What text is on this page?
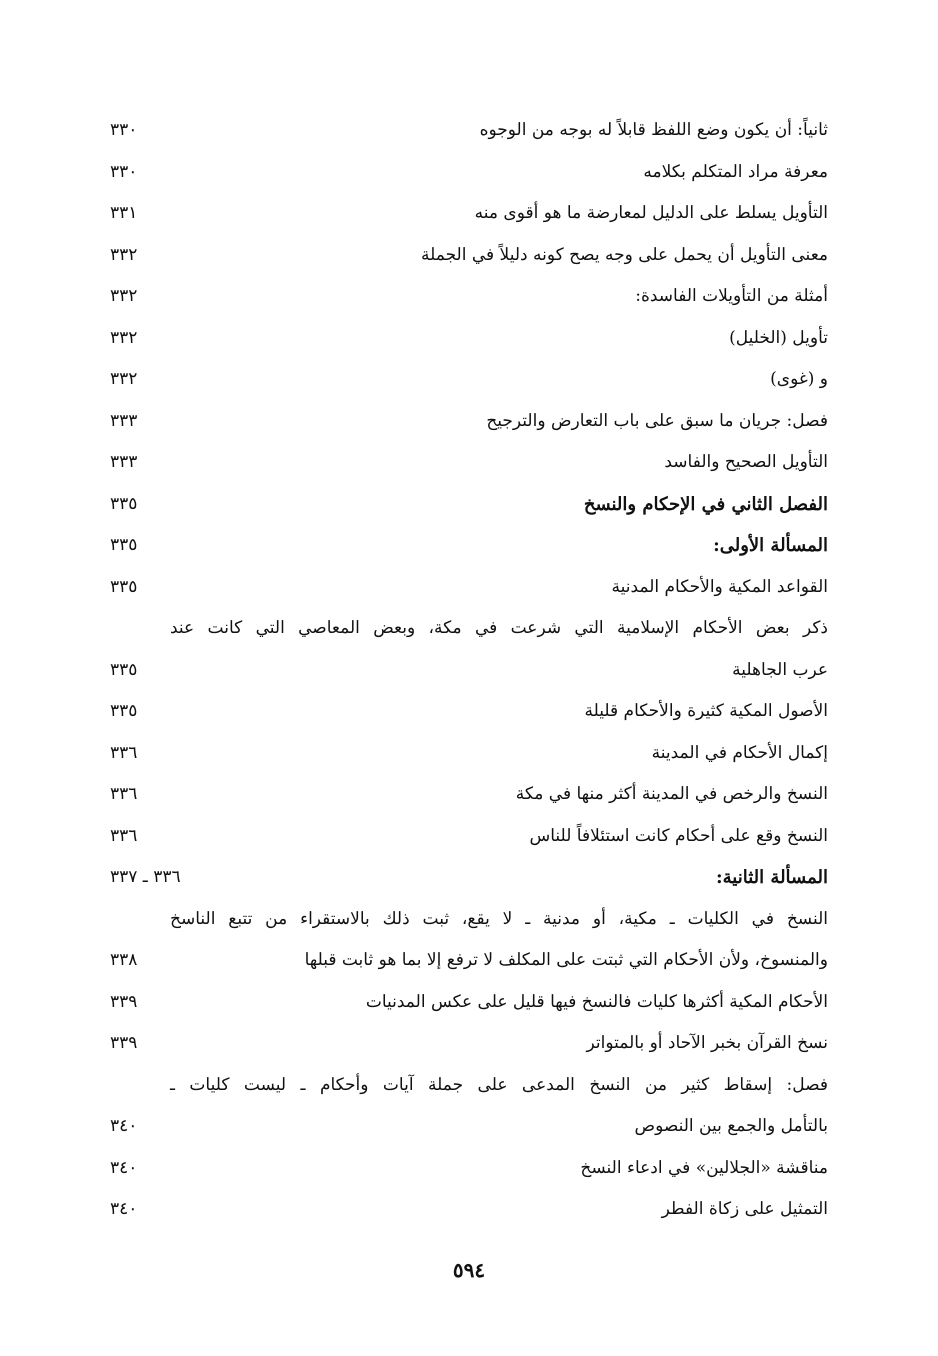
ثانياً: أن يكون وضع اللفظ قابلاً له بوجه من الوجوه
٣٣٠
معرفة مراد المتكلم بكلامه
٣٣٠
التأويل يسلط على الدليل لمعارضة ما هو أقوى منه
٣٣١
معنى التأويل أن يحمل على وجه يصح كونه دليلاً في الجملة
٣٣٢
أمثلة من التأويلات الفاسدة:
٣٣٢
تأويل (الخليل)
٣٣٢
و (غوى)
٣٣٢
فصل: جريان ما سبق على باب التعارض والترجيح
٣٣٣
التأويل الصحيح والفاسد
٣٣٣
الفصل الثاني في الإحكام والنسخ
٣٣٥
المسألة الأولى:
٣٣٥
القواعد المكية والأحكام المدنية
٣٣٥
ذكر بعض الأحكام الإسلامية التي شرعت في مكة، وبعض المعاصي التي كانت عند
عرب الجاهلية
٣٣٥
الأصول المكية كثيرة والأحكام قليلة
٣٣٥
إكمال الأحكام في المدينة
٣٣٦
النسخ والرخص في المدينة أكثر منها في مكة
٣٣٦
النسخ وقع على أحكام كانت استئلافاً للناس
٣٣٦
المسألة الثانية:
٣٣٦ ـ ٣٣٧
النسخ في الكليات ـ مكية، أو مدنية ـ لا يقع، ثبت ذلك بالاستقراء من تتبع الناسخ
والمنسوخ، ولأن الأحكام التي ثبتت على المكلف لا ترفع إلا بما هو ثابت قبلها
٣٣٨
الأحكام المكية أكثرها كليات فالنسخ فيها قليل على عكس المدنيات
٣٣٩
نسخ القرآن بخبر الآحاد أو بالمتواتر
٣٣٩
فصل: إسقاط كثير من النسخ المدعى على جملة آيات وأحكام ـ ليست كليات ـ
بالتأمل والجمع بين النصوص
٣٤٠
مناقشة «الجلالين» في ادعاء النسخ
٣٤٠
التمثيل على زكاة الفطر
٣٤٠
٥٩٤
